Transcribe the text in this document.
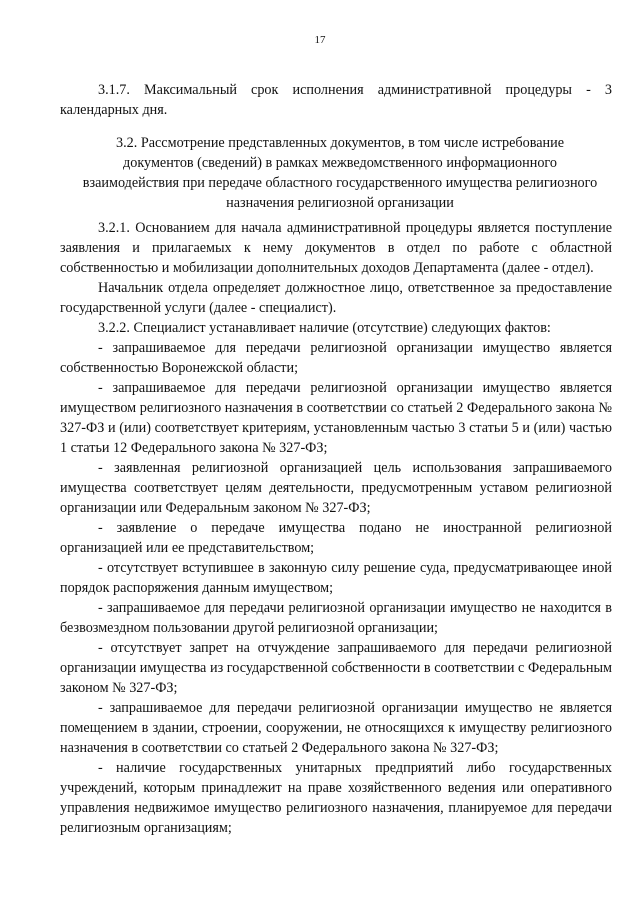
17

3.1.7. Максимальный срок исполнения административной процедуры - 3 календарных дня.

3.2. Рассмотрение представленных документов, в том числе истребование документов (сведений) в рамках межведомственного информационного взаимодействия при передаче областного государственного имущества религиозного назначения религиозной организации

3.2.1. Основанием для начала административной процедуры является поступление заявления и прилагаемых к нему документов в отдел по работе с областной собственностью и мобилизации дополнительных доходов Департамента (далее - отдел).

Начальник отдела определяет должностное лицо, ответственное за предоставление государственной услуги (далее - специалист).

3.2.2. Специалист устанавливает наличие (отсутствие) следующих фактов:

- запрашиваемое для передачи религиозной организации имущество является собственностью Воронежской области;

- запрашиваемое для передачи религиозной организации имущество является имуществом религиозного назначения в соответствии со статьей 2 Федерального закона № 327-ФЗ и (или) соответствует критериям, установленным частью 3 статьи 5 и (или) частью 1 статьи 12 Федерального закона № 327-ФЗ;

- заявленная религиозной организацией цель использования запрашиваемого имущества соответствует целям деятельности, предусмотренным уставом религиозной организации или Федеральным законом № 327-ФЗ;

- заявление о передаче имущества подано не иностранной религиозной организацией или ее представительством;

- отсутствует вступившее в законную силу решение суда, предусматривающее иной порядок распоряжения данным имуществом;

- запрашиваемое для передачи религиозной организации имущество не находится в безвозмездном пользовании другой религиозной организации;

- отсутствует запрет на отчуждение запрашиваемого для передачи религиозной организации имущества из государственной собственности в соответствии с Федеральным законом № 327-ФЗ;

- запрашиваемое для передачи религиозной организации имущество не является помещением в здании, строении, сооружении, не относящихся к имуществу религиозного назначения в соответствии со статьей 2 Федерального закона № 327-ФЗ;

- наличие государственных унитарных предприятий либо государственных учреждений, которым принадлежит на праве хозяйственного ведения или оперативного управления недвижимое имущество религиозного назначения, планируемое для передачи религиозным организациям;
